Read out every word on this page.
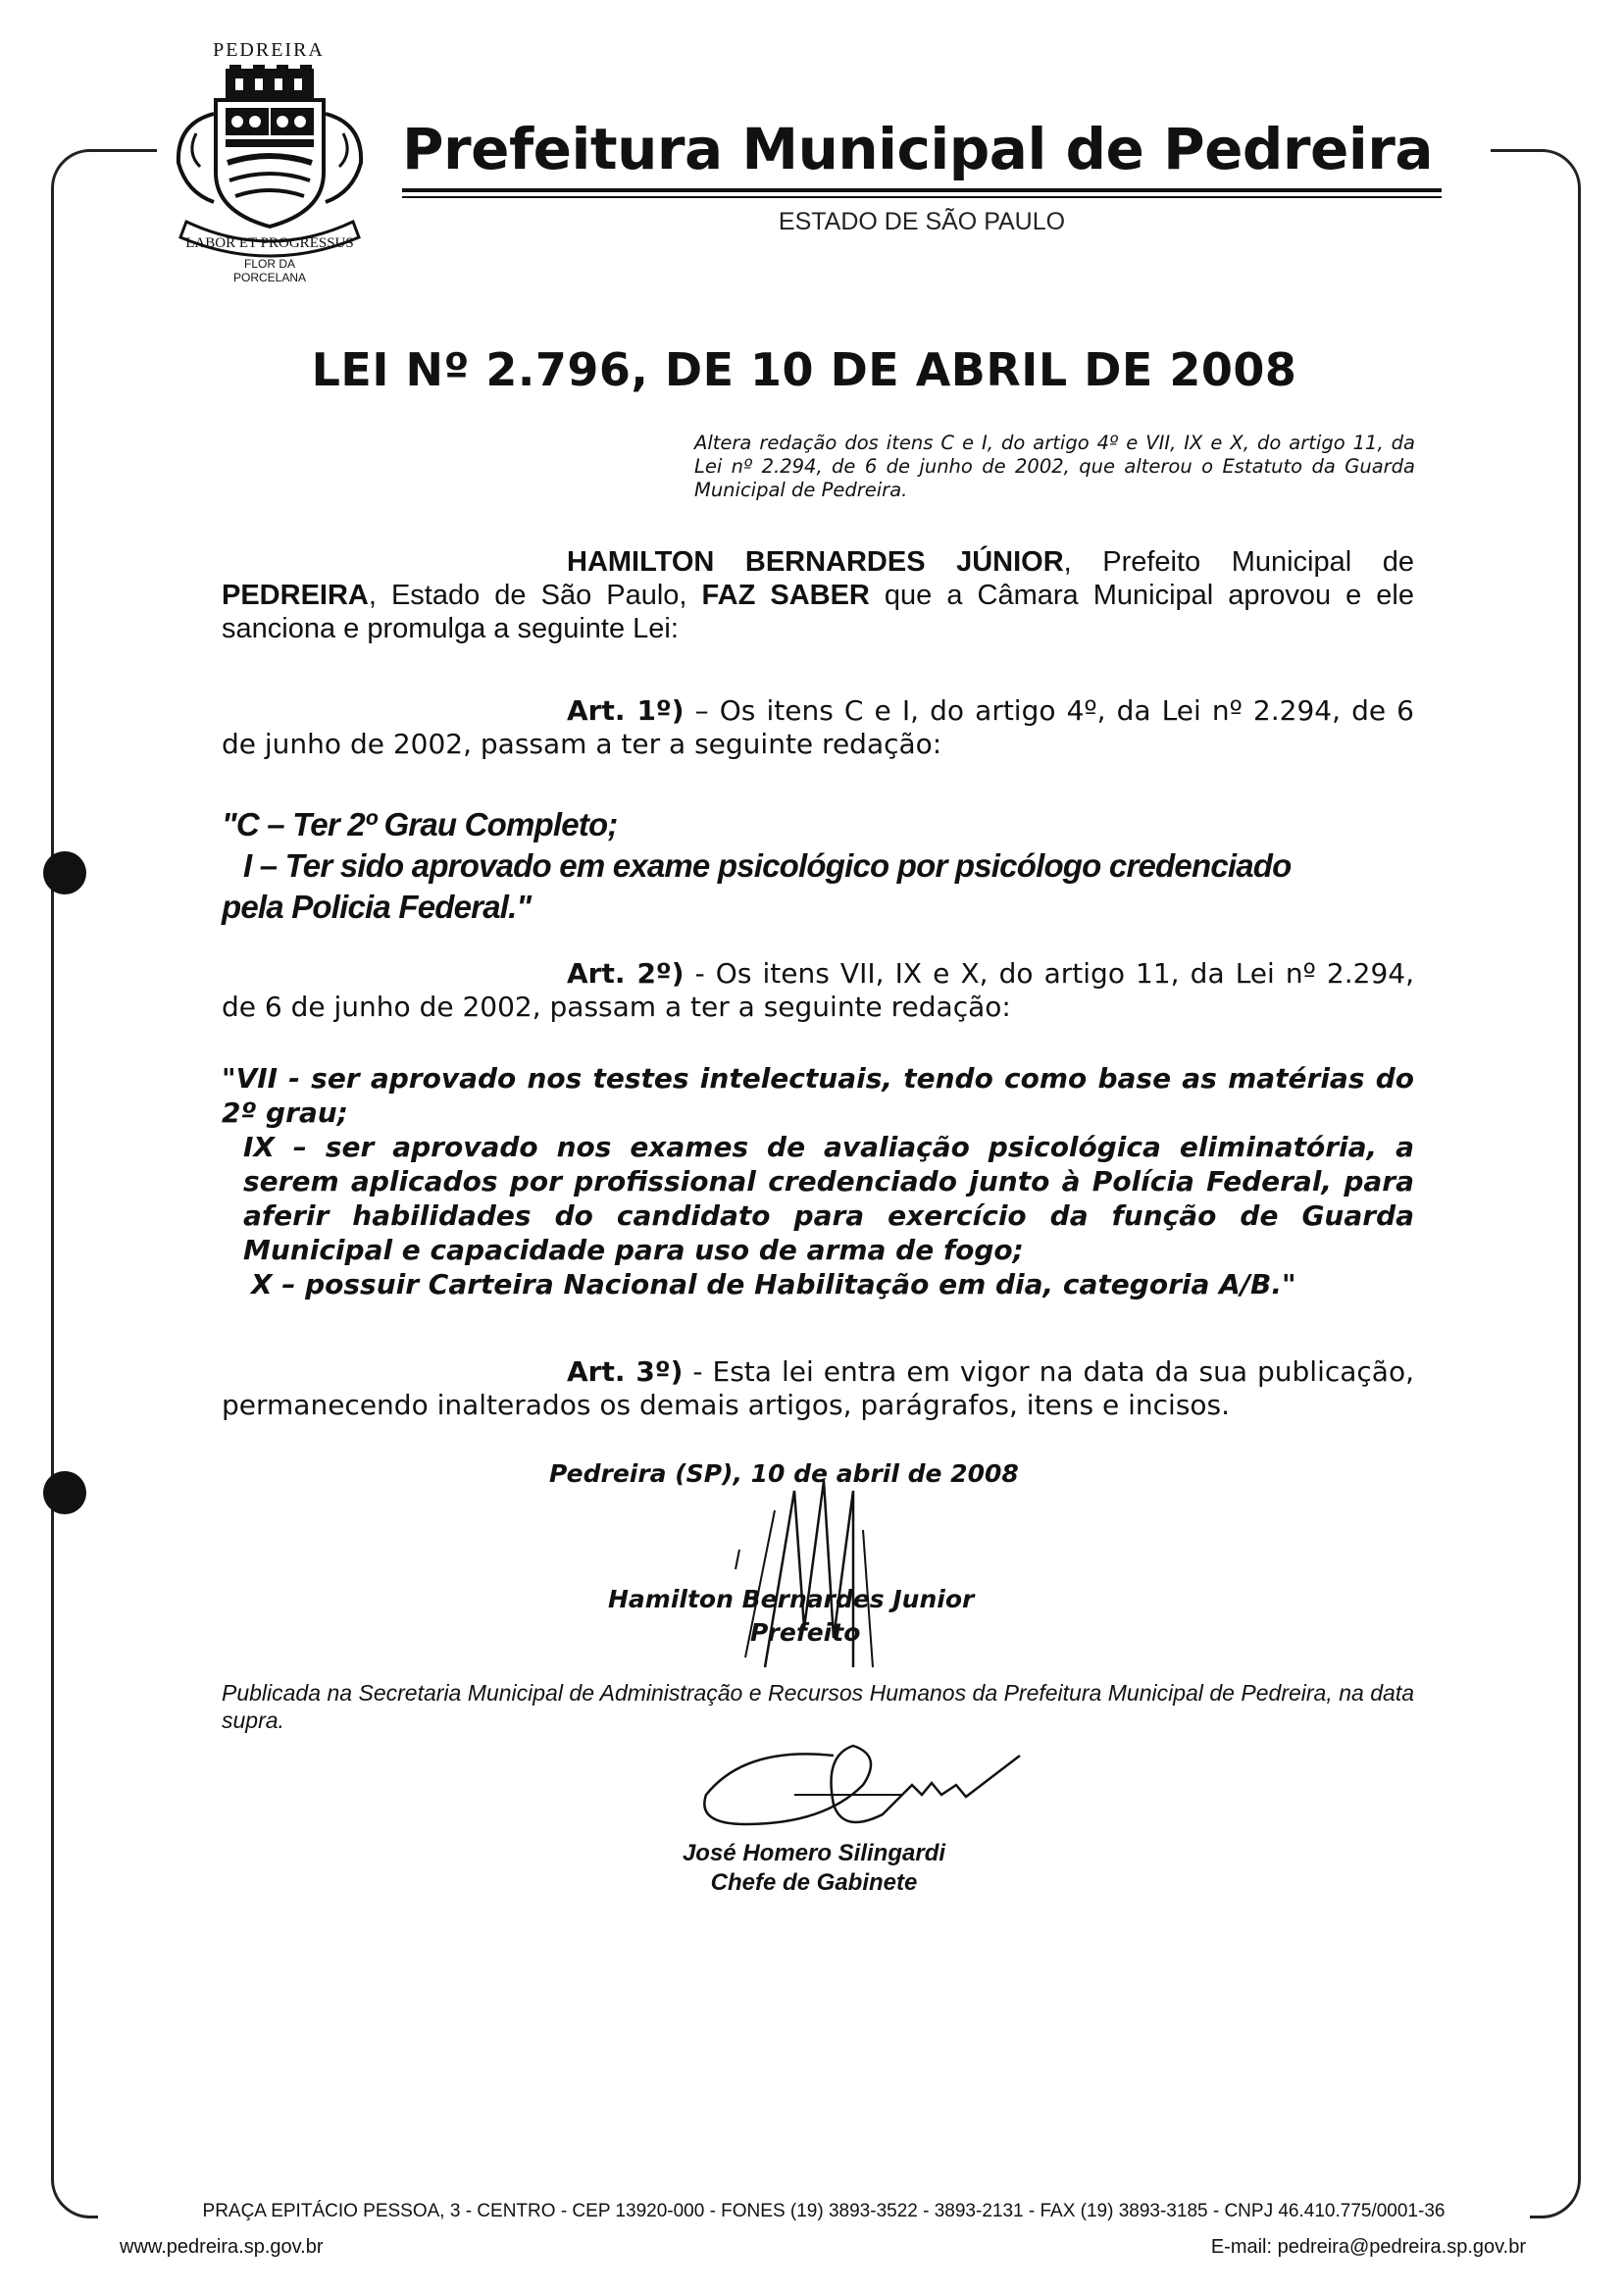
PEDREIRA
LABOR ET PROGRESSUS
FLOR DA
PORCELANA
Prefeitura Municipal de Pedreira
ESTADO DE SÃO PAULO
LEI Nº 2.796, DE 10 DE ABRIL DE 2008
Altera redação dos itens C e I, do artigo 4º e VII, IX e X, do artigo 11, da Lei nº 2.294, de 6 de junho de 2002, que alterou o Estatuto da Guarda Municipal de Pedreira.
HAMILTON BERNARDES JÚNIOR, Prefeito Municipal de PEDREIRA, Estado de São Paulo, FAZ SABER que a Câmara Municipal aprovou e ele sanciona e promulga a seguinte Lei:
Art. 1º) – Os itens C e I, do artigo 4º, da Lei nº 2.294, de 6 de junho de 2002, passam a ter a seguinte redação:
"C – Ter 2º Grau Completo;
I – Ter sido aprovado em exame psicológico por psicólogo credenciado
pela Policia Federal."
Art. 2º) - Os itens VII, IX e X, do artigo 11, da Lei nº 2.294, de 6 de junho de 2002, passam a ter a seguinte redação:
"VII - ser aprovado nos testes intelectuais, tendo como base as matérias do 2º grau;
IX – ser aprovado nos exames de avaliação psicológica eliminatória, a serem aplicados por profissional credenciado junto à Polícia Federal, para aferir habilidades do candidato para exercício da função de Guarda Municipal e capacidade para uso de arma de fogo;
X – possuir Carteira Nacional de Habilitação em dia, categoria A/B."
Art. 3º) - Esta lei entra em vigor na data da sua publicação, permanecendo inalterados os demais artigos, parágrafos, itens e incisos.
Pedreira (SP), 10 de abril de 2008
Hamilton Bernardes Junior
Prefeito
Publicada na Secretaria Municipal de Administração e Recursos Humanos da Prefeitura Municipal de Pedreira, na data supra.
José Homero Silingardi
Chefe de Gabinete
PRAÇA EPITÁCIO PESSOA, 3 - CENTRO - CEP 13920-000 - FONES (19) 3893-3522 - 3893-2131 - FAX (19) 3893-3185 - CNPJ 46.410.775/0001-36
www.pedreira.sp.gov.br	E-mail: pedreira@pedreira.sp.gov.br
